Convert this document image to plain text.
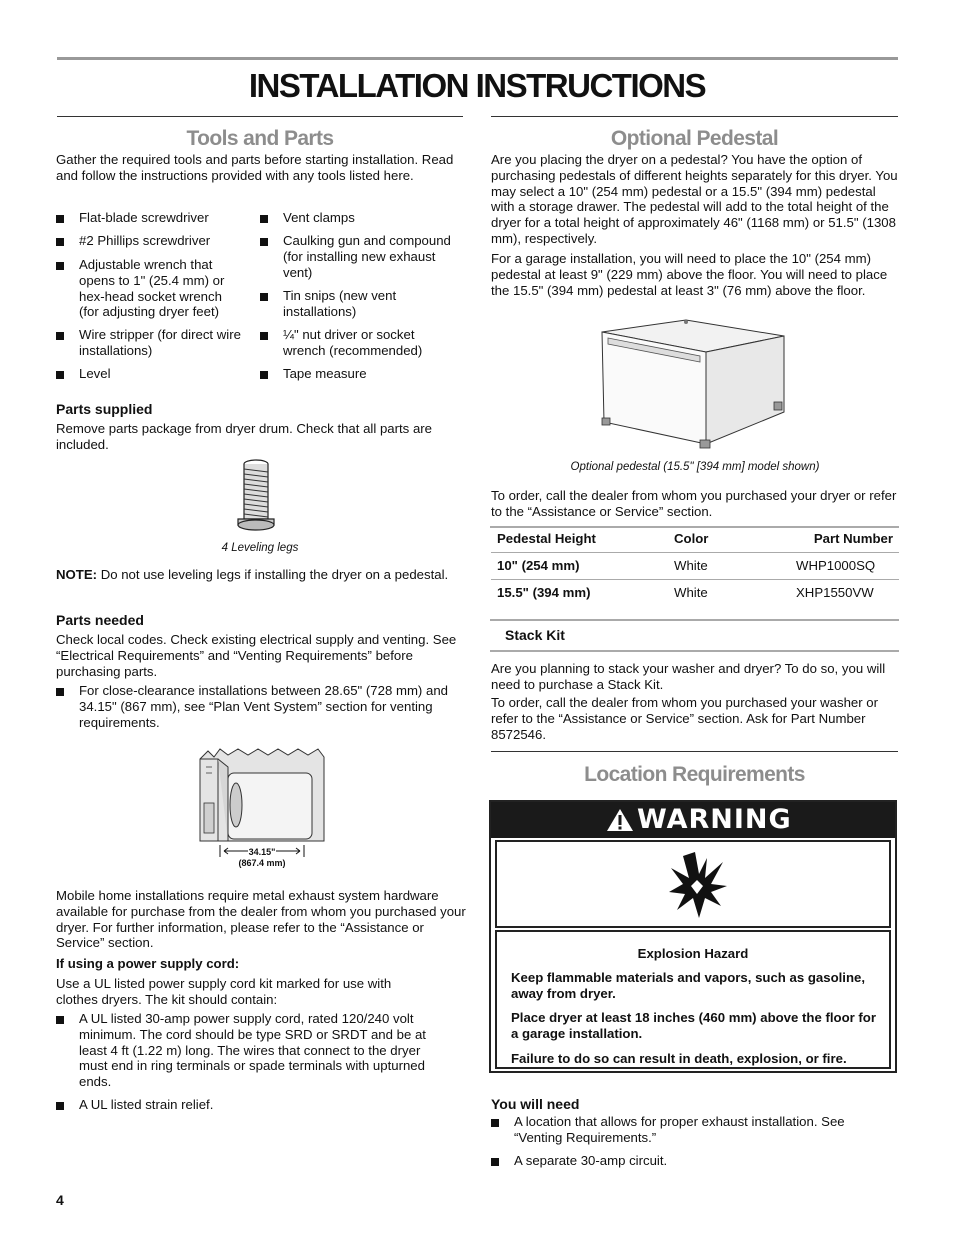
INSTALLATION INSTRUCTIONS
Tools and Parts

Gather the required tools and parts before starting installation. Read and follow the instructions provided with any tools listed here.

Flat-blade screwdriver
#2 Phillips screwdriver
Adjustable wrench that opens to 1" (25.4 mm) or hex-head socket wrench (for adjusting dryer feet)
Wire stripper (for direct wire installations)
Level
Vent clamps
Caulking gun and compound (for installing new exhaust vent)
Tin snips (new vent installations)
¼" nut driver or socket wrench (recommended)
Tape measure

Parts supplied

Remove parts package from dryer drum. Check that all parts are included.

4 Leveling legs

NOTE: Do not use leveling legs if installing the dryer on a pedestal.

Parts needed

Check local codes. Check existing electrical supply and venting. See “Electrical Requirements” and “Venting Requirements” before purchasing parts.

For close-clearance installations between 28.65" (728 mm) and 34.15" (867 mm), see “Plan Vent System” section for venting requirements.
34.15"
(867.4 mm)

Mobile home installations require metal exhaust system hardware available for purchase from the dealer from whom you purchased your dryer. For further information, please refer to the “Assistance or Service” section.

If using a power supply cord:

Use a UL listed power supply cord kit marked for use with clothes dryers. The kit should contain:

A UL listed 30-amp power supply cord, rated 120/240 volt minimum. The cord should be type SRD or SRDT and be at least 4 ft (1.22 m) long. The wires that connect to the dryer must end in ring terminals or spade terminals with upturned ends.
A UL listed strain relief.

4

Optional Pedestal

Are you placing the dryer on a pedestal? You have the option of purchasing pedestals of different heights separately for this dryer. You may select a 10" (254 mm) pedestal or a 15.5" (394 mm) pedestal with a storage drawer. The pedestal will add to the total height of the dryer for a total height of approximately 46" (1168 mm) or 51.5" (1308 mm), respectively.

For a garage installation, you will need to place the 10" (254 mm) pedestal at least 9" (229 mm) above the floor. You will need to place the 15.5" (394 mm) pedestal at least 3" (76 mm) above the floor.

Optional pedestal (15.5" [394 mm] model shown)

To order, call the dealer from whom you purchased your dryer or refer to the “Assistance or Service” section.

Pedestal Height	Color	Part Number
10" (254 mm)	White	WHP1000SQ
15.5" (394 mm)	White	XHP1550VW

Stack Kit

Are you planning to stack your washer and dryer? To do so, you will need to purchase a Stack Kit.

To order, call the dealer from whom you purchased your washer or refer to the “Assistance or Service” section. Ask for Part Number 8572546.

Location Requirements
WARNING

Explosion Hazard

Keep flammable materials and vapors, such as gasoline, away from dryer.

Place dryer at least 18 inches (460 mm) above the floor for a garage installation.

Failure to do so can result in death, explosion, or fire.

You will need

A location that allows for proper exhaust installation. See “Venting Requirements.”
A separate 30-amp circuit.
